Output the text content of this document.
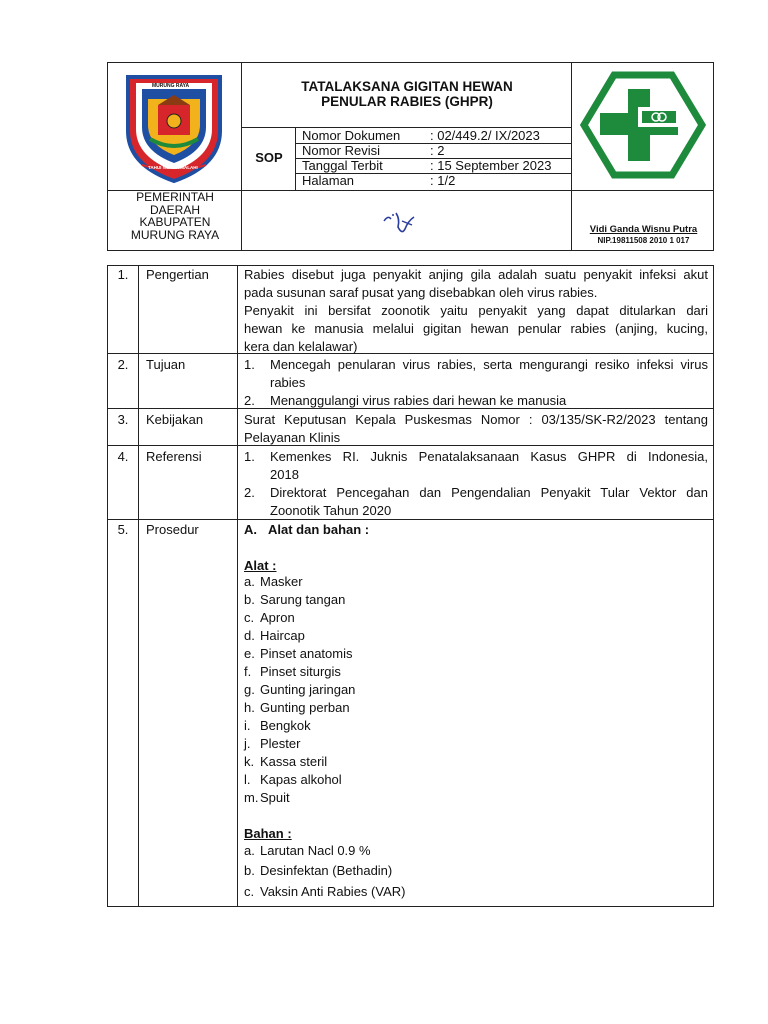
MURUNG RAYA
TAHUI NOHKA MALAHI
TATALAKSANA GIGITAN HEWAN
PENULAR RABIES (GHPR)
SOP
Nomor Dokumen : 02/449.2/ IX/2023
Nomor Revisi	: 2
Tanggal Terbit	: 15 September 2023
Halaman	: 1/2
PEMERINTAH
DAERAH
KABUPATEN
MURUNG RAYA	Vidi Ganda Wisnu Putra
NIP.19811508 2010 1 017
1.	Pengertian	Rabies disebut juga penyakit anjing gila adalah suatu penyakit infeksi akut
pada susunan saraf pusat yang disebabkan oleh virus rabies.
Penyakit ini bersifat zoonotik yaitu penyakit yang dapat ditularkan dari
hewan ke manusia melalui gigitan hewan penular rabies (anjing, kucing,
kera dan kelalawar)
2.	Tujuan	1. Mencegah penularan virus rabies, serta mengurangi resiko infeksi virus
rabies
2. Menanggulangi virus rabies dari hewan ke manusia
3.	Kebijakan	Surat Keputusan Kepala Puskesmas Nomor : 03/135/SK-R2/2023 tentang
Pelayanan Klinis
4.	Referensi	1. Kemenkes RI. Juknis Penatalaksanaan Kasus GHPR di Indonesia,
2018
2. Direktorat Pencegahan dan Pengendalian Penyakit Tular Vektor dan
Zoonotik Tahun 2020
5.	Prosedur	A. Alat dan bahan :
Alat :
a. Masker
b. Sarung tangan
c. Apron
d. Haircap
e. Pinset anatomis
f. Pinset siturgis
g. Gunting jaringan
h. Gunting perban
i. Bengkok
j. Plester
k. Kassa steril
l. Kapas alkohol
m. Spuit
Bahan :
a. Larutan Nacl 0.9 %
b. Desinfektan (Bethadin)
c. Vaksin Anti Rabies (VAR)
